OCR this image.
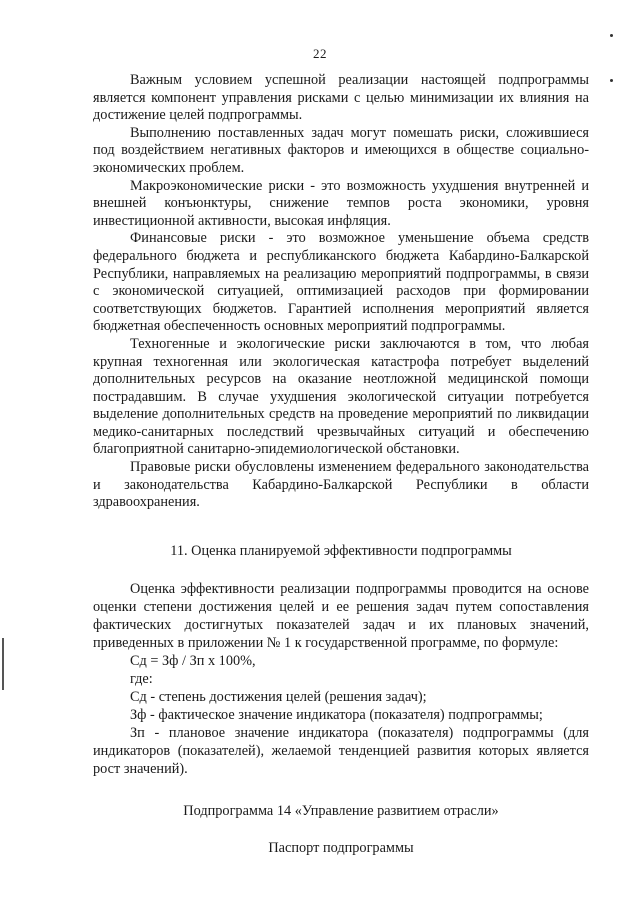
22

Важным условием успешной реализации настоящей подпрограммы является компонент управления рисками с целью минимизации их влияния на достижение целей подпрограммы.

Выполнению поставленных задач могут помешать риски, сложившиеся под воздействием негативных факторов и имеющихся в обществе социально-экономических проблем.

Макроэкономические риски - это возможность ухудшения внутренней и внешней конъюнктуры, снижение темпов роста экономики, уровня инвестиционной активности, высокая инфляция.

Финансовые риски - это возможное уменьшение объема средств федерального бюджета и республиканского бюджета Кабардино-Балкарской Республики, направляемых на реализацию мероприятий подпрограммы, в связи с экономической ситуацией, оптимизацией расходов при формировании соответствующих бюджетов. Гарантией исполнения мероприятий является бюджетная обеспеченность основных мероприятий подпрограммы.

Техногенные и экологические риски заключаются в том, что любая крупная техногенная или экологическая катастрофа потребует выделений дополнительных ресурсов на оказание неотложной медицинской помощи пострадавшим. В случае ухудшения экологической ситуации потребуется выделение дополнительных средств на проведение мероприятий по ликвидации медико-санитарных последствий чрезвычайных ситуаций и обеспечению благоприятной санитарно-эпидемиологической обстановки.

Правовые риски обусловлены изменением федерального законодательства и законодательства Кабардино-Балкарской Республики в области здравоохранения.

11. Оценка планируемой эффективности подпрограммы

Оценка эффективности реализации подпрограммы проводится на основе оценки степени достижения целей и ее решения задач путем сопоставления фактических достигнутых показателей задач и их плановых значений, приведенных в приложении № 1 к государственной программе, по формуле:

Сд = Зф / Зп х 100%,

где:

Сд - степень достижения целей (решения задач);

Зф - фактическое значение индикатора (показателя) подпрограммы;

Зп - плановое значение индикатора (показателя) подпрограммы (для индикаторов (показателей), желаемой тенденцией развития которых является рост значений).

Подпрограмма 14 «Управление развитием отрасли»
Паспорт подпрограммы
